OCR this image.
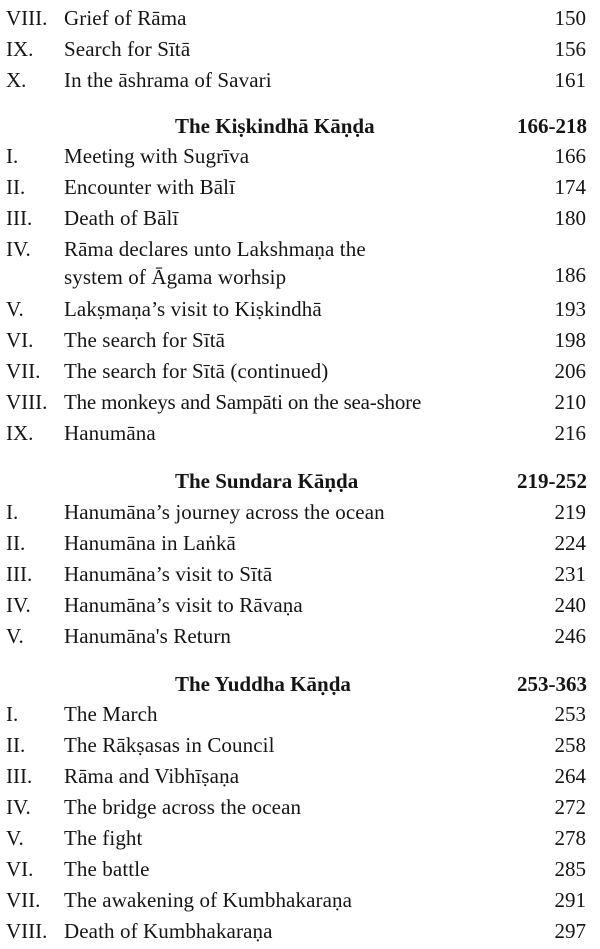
VIII. Grief of Rāma	150
IX. Search for Sītā	156
X. In the āshrama of Savari	161
The Kiṣkindhā Kāṇḍa	166-218
I. Meeting with Sugrīva	166
II. Encounter with Bālī	174
III. Death of Bālī	180
IV. Rāma declares unto Lakshmaṇa the
system of Āgama worhsip	186
V. Lakṣmaṇa’s visit to Kiṣkindhā	193
VI. The search for Sītā	198
VII. The search for Sītā (continued)	206
VIII. The monkeys and Sampāti on the sea-shore	210
IX. Hanumāna	216
The Sundara Kāṇḍa	219-252
I. Hanumāna’s journey across the ocean	219
II. Hanumāna in Laṅkā	224
III. Hanumāna’s visit to Sītā	231
IV. Hanumāna’s visit to Rāvaṇa	240
V. Hanumāna's Return	246
The Yuddha Kāṇḍa	253-363
I. The March	253
II. The Rākṣasas in Council	258
III. Rāma and Vibhīṣaṇa	264
IV. The bridge across the ocean	272
V. The fight	278
VI. The battle	285
VII. The awakening of Kumbhakaraṇa	291
VIII. Death of Kumbhakaraṇa	297
